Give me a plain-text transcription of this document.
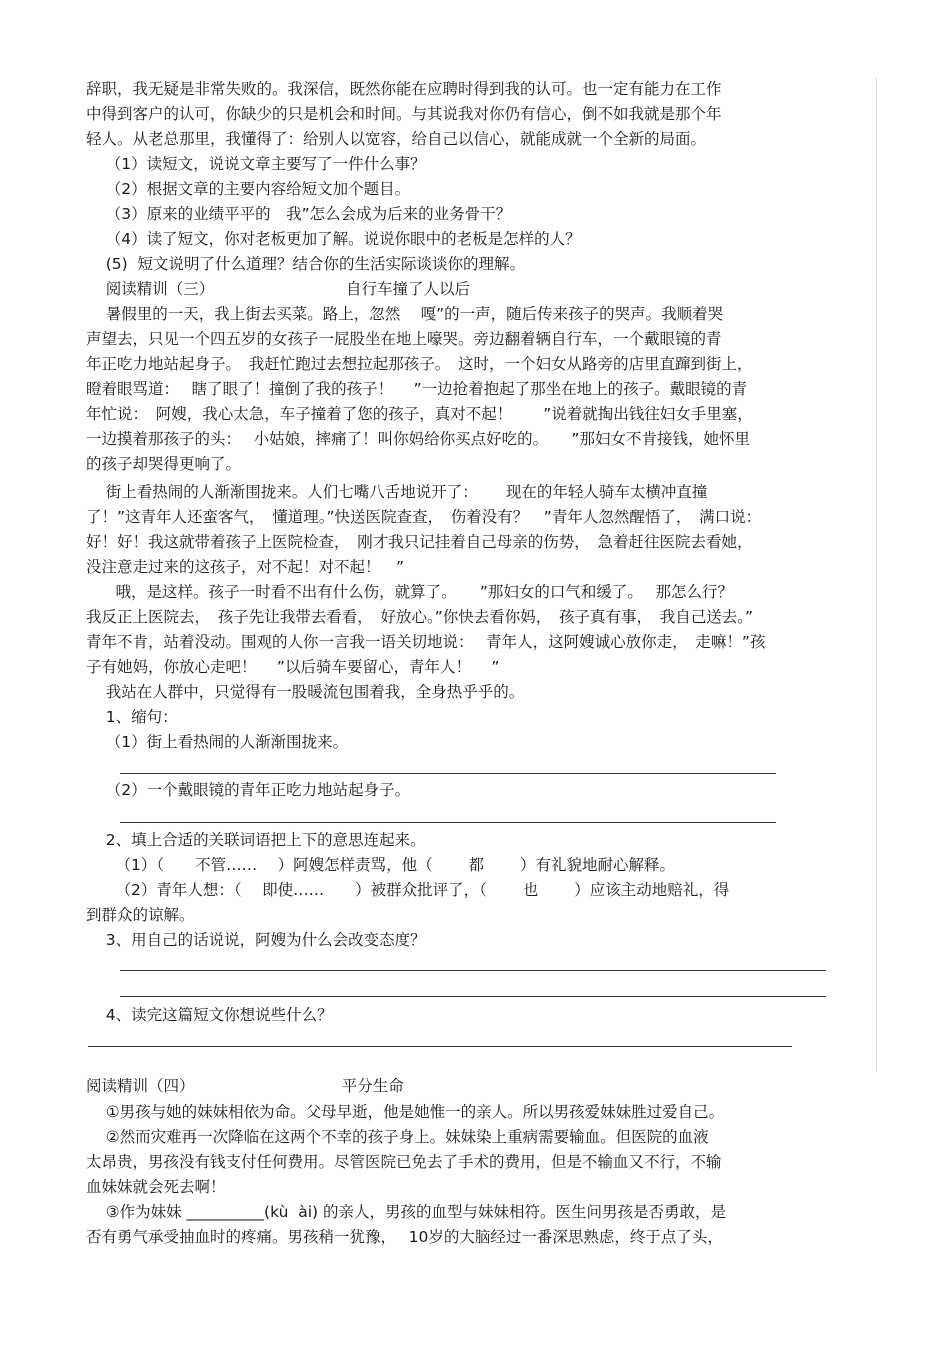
辞职，我无疑是非常失败的。我深信，既然你能在应聘时得到我的认可。也一定有能力在工作
中得到客户的认可，你缺少的只是机会和时间。与其说我对你仍有信心，倒不如我就是那个年
轻人。从老总那里，我懂得了：给别人以宽容，给自己以信心，就能成就一个全新的局面。
（1）读短文，说说文章主要写了一件什么事？
（2）根据文章的主要内容给短文加个题目。
（3）原来的业绩平平的　我”怎么会成为后来的业务骨干？
（4）读了短文，你对老板更加了解。说说你眼中的老板是怎样的人？
(5)  短文说明了什么道理？结合你的生活实际谈谈你的理解。
阅读精训（三）　　　　　　　　　自行车撞了人以后
暑假里的一天，我上街去买菜。路上，忽然　 嘎”的一声，随后传来孩子的哭声。我顺着哭
声望去，只见一个四五岁的女孩子一屁股坐在地上嚎哭。旁边翻着辆自行车，一个戴眼镜的青
年正吃力地站起身子。　我赶忙跑过去想拉起那孩子。　这时，一个妇女从路旁的店里直蹿到街上，
瞪着眼骂道：　 瞎了眼了！撞倒了我的孩子！　 ”一边抢着抱起了那坐在地上的孩子。戴眼镜的青
年忙说：　阿嫂，我心太急，车子撞着了您的孩子，真对不起！　　”说着就掏出钱往妇女手里塞，
一边摸着那孩子的头：　 小姑娘，摔痛了！叫你妈给你买点好吃的。　　”那妇女不肯接钱，她怀里
的孩子却哭得更响了。
街上看热闹的人渐渐围拢来。人们七嘴八舌地说开了：　　 现在的年轻人骑车太横冲直撞
了！”这青年人还蛮客气，　懂道理。”快送医院查查，　伤着没有？　”青年人忽然醒悟了，　满口说：
好！好！我这就带着孩子上医院检查，　刚才我只记挂着自己母亲的伤势，　急着赶往医院去看她，
没注意走过来的这孩子，对不起！对不起！　”
哦，是这样。孩子一时看不出有什么伤，就算了。　　”那妇女的口气和缓了。　 那怎么行？
我反正上医院去，　孩子先让我带去看看，　好放心。”你快去看你妈，　孩子真有事，　我自己送去。”
青年不肯，站着没动。围观的人你一言我一语关切地说：　 青年人，这阿嫂诚心放你走，　走嘛！”孩
子有她妈，你放心走吧！　 ”以后骑车要留心，青年人！　 ”
我站在人群中，只觉得有一股暖流包围着我，全身热乎乎的。
1、缩句：
（1）街上看热闹的人渐渐围拢来。
（2）一个戴眼镜的青年正吃力地站起身子。
2、填上合适的关联词语把上下的意思连起来。
（1）（　　不管……　 ）阿嫂怎样责骂，他（　　 都　　 ）有礼貌地耐心解释。
（2）青年人想：（　 即使……　　）被群众批评了，（　　 也　　 ）应该主动地赔礼，得
到群众的谅解。
3、用自己的话说说，阿嫂为什么会改变态度？
4、读完这篇短文你想说些什么？
阅读精训（四）　　　　　　　　　　平分生命
①男孩与她的妹妹相依为命。父母早逝，他是她惟一的亲人。所以男孩爱妹妹胜过爱自己。
②然而灾难再一次降临在这两个不幸的孩子身上。妹妹染上重病需要输血。但医院的血液
太昂贵，男孩没有钱支付任何费用。尽管医院已免去了手术的费用，但是不输血又不行，不输
血妹妹就会死去啊！
③作为妹妹 __________(kù  ài) 的亲人，男孩的血型与妹妹相符。医生问男孩是否勇敢，是
否有勇气承受抽血时的疼痛。男孩稍一犹豫，　 10岁的大脑经过一番深思熟虑，终于点了头，
